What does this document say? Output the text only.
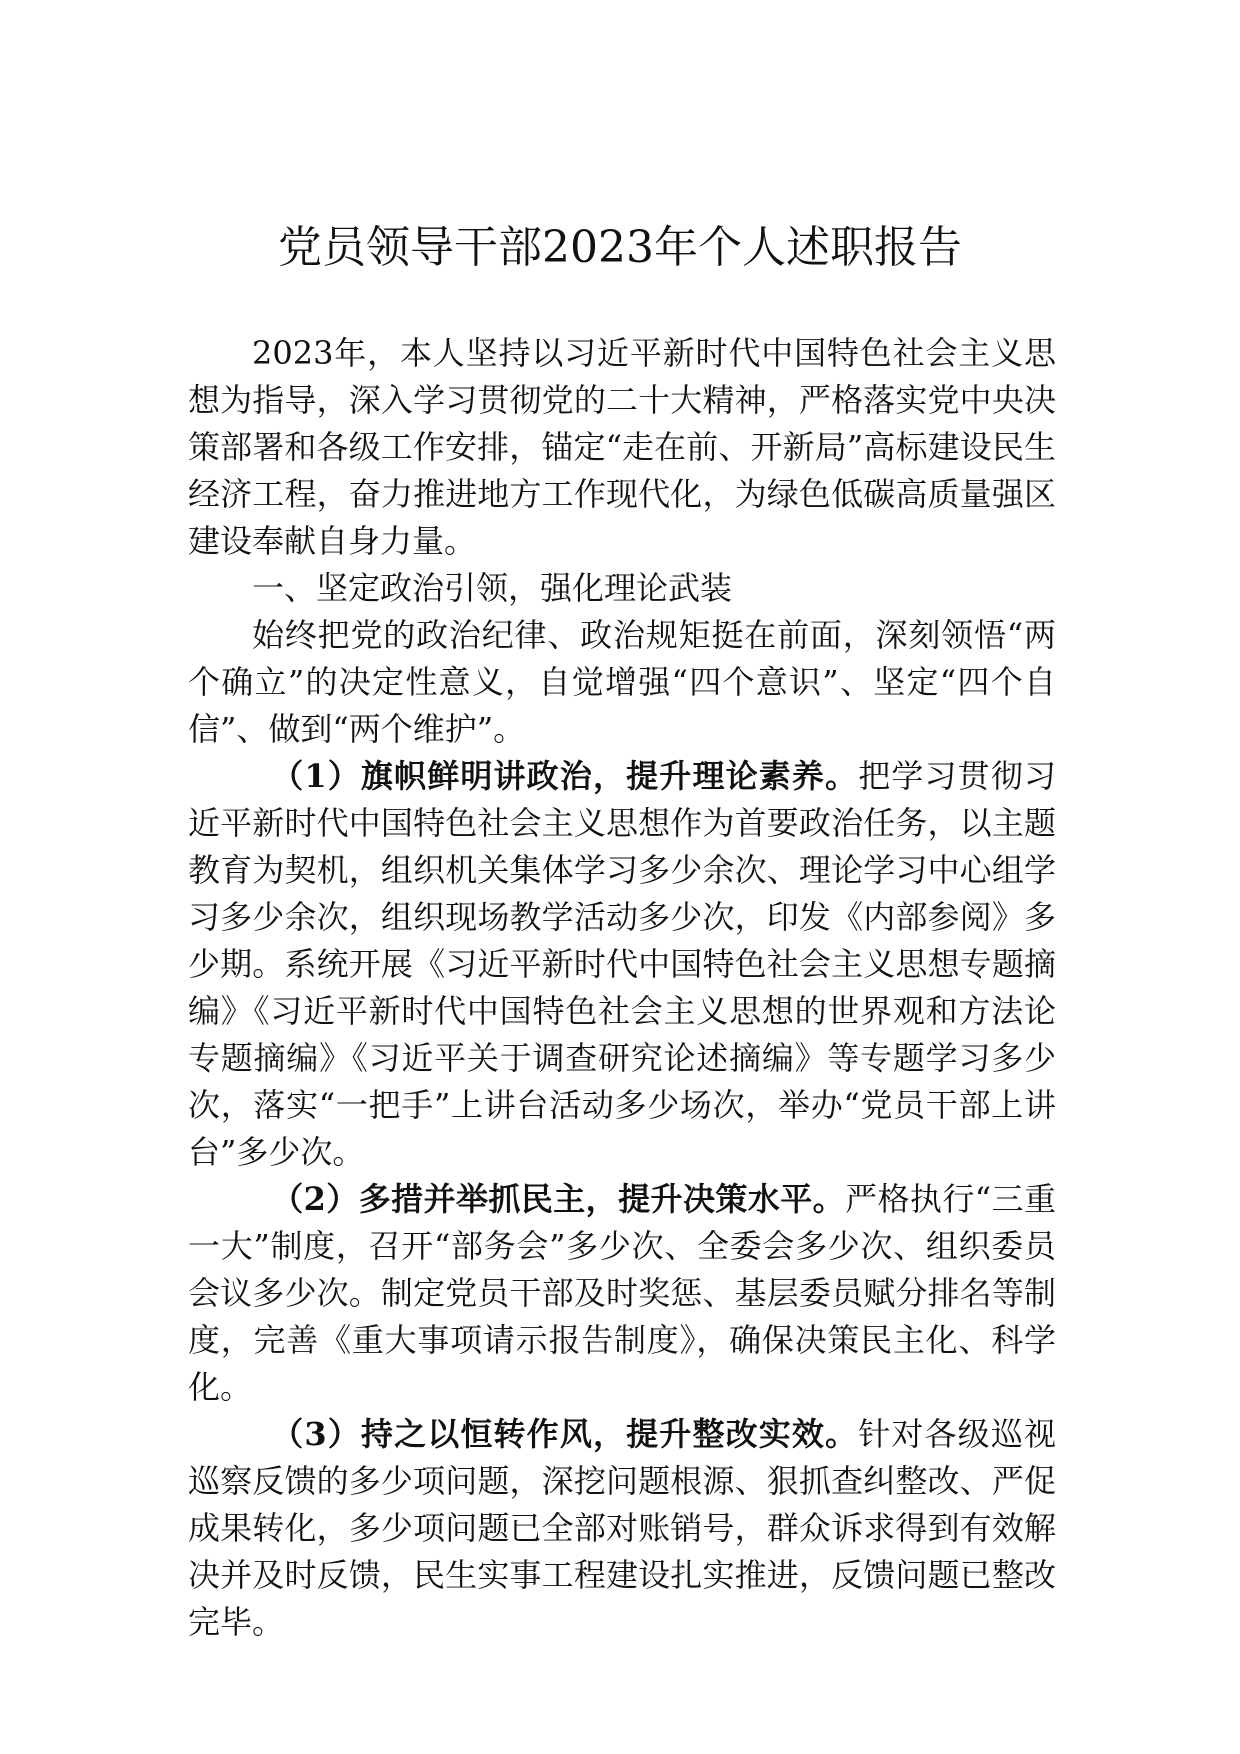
党员领导干部2023年个人述职报告

2023年，本人坚持以习近平新时代中国特色社会主义思想为指导，深入学习贯彻党的二十大精神，严格落实党中央决策部署和各级工作安排，锚定“走在前、开新局”高标建设民生经济工程，奋力推进地方工作现代化，为绿色低碳高质量强区建设奉献自身力量。

一、坚定政治引领，强化理论武装

始终把党的政治纪律、政治规矩挺在前面，深刻领悟“两个确立”的决定性意义，自觉增强“四个意识”、坚定“四个自信”、做到“两个维护”。

（1）旗帜鲜明讲政治，提升理论素养。把学习贯彻习近平新时代中国特色社会主义思想作为首要政治任务，以主题教育为契机，组织机关集体学习多少余次、理论学习中心组学习多少余次，组织现场教学活动多少次，印发《内部参阅》多少期。系统开展《习近平新时代中国特色社会主义思想专题摘编》《习近平新时代中国特色社会主义思想的世界观和方法论专题摘编》《习近平关于调查研究论述摘编》等专题学习多少次，落实“一把手”上讲台活动多少场次，举办“党员干部上讲台”多少次。

（2）多措并举抓民主，提升决策水平。严格执行“三重一大”制度，召开“部务会”多少次、全委会多少次、组织委员会议多少次。制定党员干部及时奖惩、基层委员赋分排名等制度，完善《重大事项请示报告制度》，确保决策民主化、科学化。

（3）持之以恒转作风，提升整改实效。针对各级巡视巡察反馈的多少项问题，深挖问题根源、狠抓查纠整改、严促成果转化，多少项问题已全部对账销号，群众诉求得到有效解决并及时反馈，民生实事工程建设扎实推进，反馈问题已整改完毕。
